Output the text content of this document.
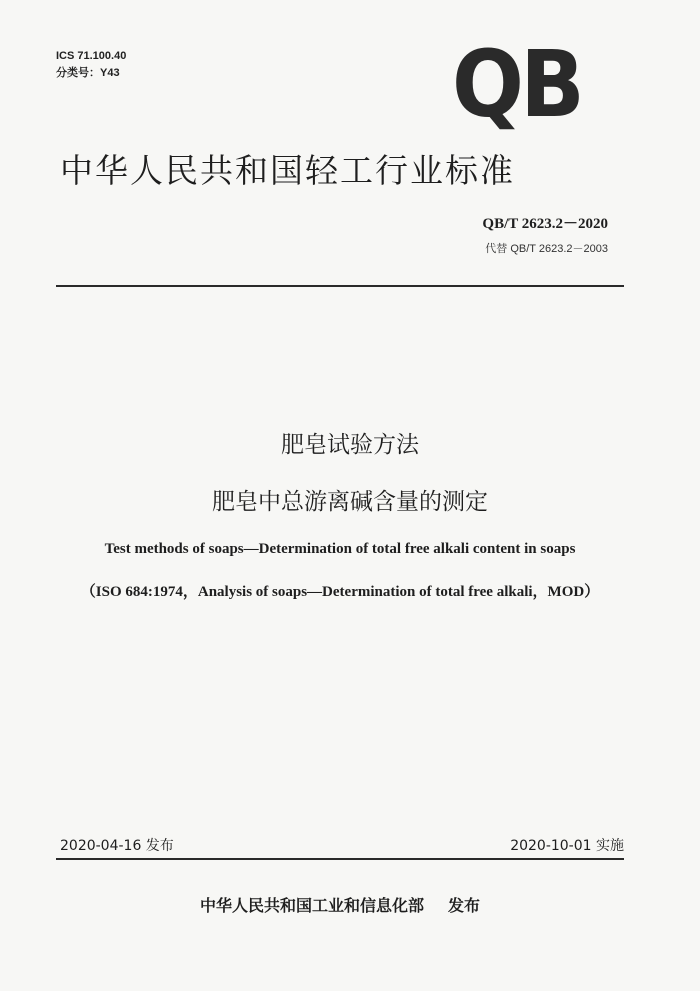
ICS 71.100.40
分类号：Y43	QB
中华人民共和国轻工行业标准
QB/T 2623.2－2020
代替 QB/T 2623.2－2003
肥皂试验方法
肥皂中总游离碱含量的测定
Test methods of soaps—Determination of total free alkali content in soaps
（ISO 684:1974，Analysis of soaps—Determination of total free alkali，MOD）
2020-04-16 发布	2020-10-01 实施
中华人民共和国工业和信息化部 发布
